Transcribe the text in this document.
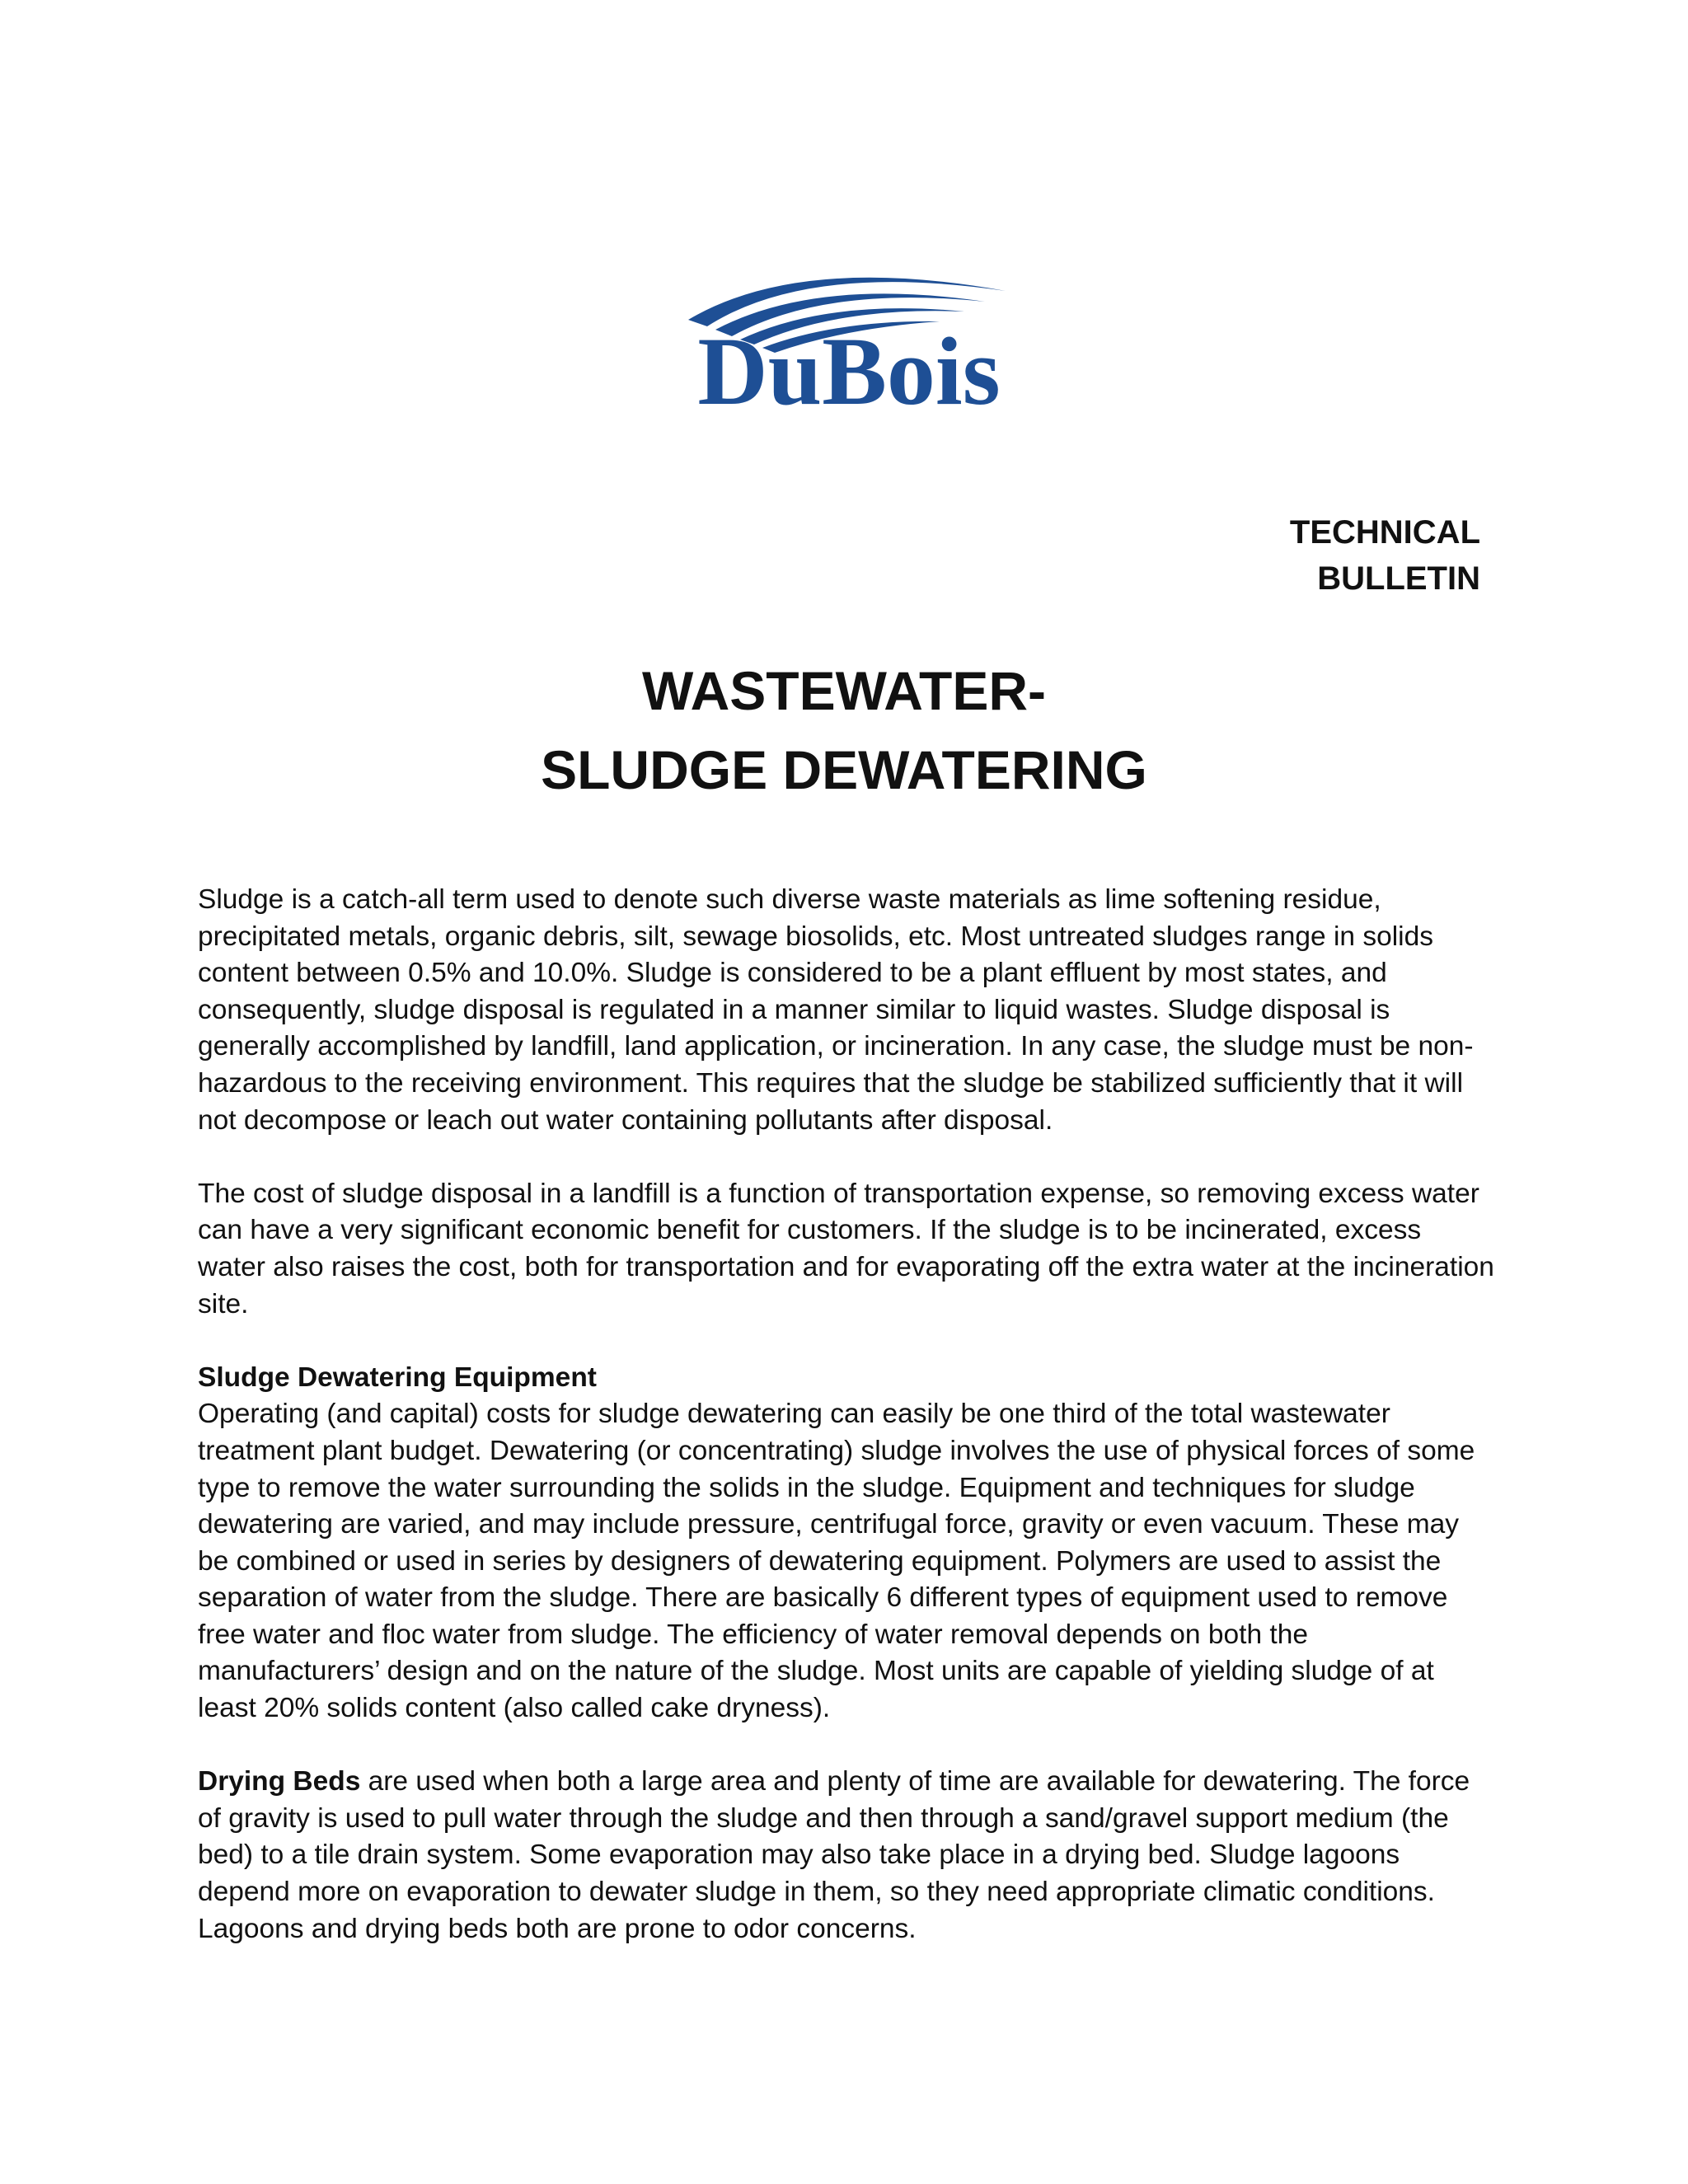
DuBois
TECHNICAL
BULLETIN
WASTEWATER-
SLUDGE DEWATERING

Sludge is a catch-all term used to denote such diverse waste materials as lime softening residue, precipitated metals, organic debris, silt, sewage biosolids, etc. Most untreated sludges range in solids content between 0.5% and 10.0%. Sludge is considered to be a plant effluent by most states, and consequently, sludge disposal is regulated in a manner similar to liquid wastes. Sludge disposal is generally accomplished by landfill, land application, or incineration. In any case, the sludge must be non-hazardous to the receiving environment. This requires that the sludge be stabilized sufficiently that it will not decompose or leach out water containing pollutants after disposal.

The cost of sludge disposal in a landfill is a function of transportation expense, so removing excess water can have a very significant economic benefit for customers. If the sludge is to be incinerated, excess water also raises the cost, both for transportation and for evaporating off the extra water at the incineration site.

Sludge Dewatering Equipment

Operating (and capital) costs for sludge dewatering can easily be one third of the total wastewater treatment plant budget. Dewatering (or concentrating) sludge involves the use of physical forces of some type to remove the water surrounding the solids in the sludge. Equipment and techniques for sludge dewatering are varied, and may include pressure, centrifugal force, gravity or even vacuum. These may be combined or used in series by designers of dewatering equipment. Polymers are used to assist the separation of water from the sludge. There are basically 6 different types of equipment used to remove free water and floc water from sludge. The efficiency of water removal depends on both the manufacturers’ design and on the nature of the sludge. Most units are capable of yielding sludge of at least 20% solids content (also called cake dryness).

Drying Beds are used when both a large area and plenty of time are available for dewatering. The force of gravity is used to pull water through the sludge and then through a sand/gravel support medium (the bed) to a tile drain system. Some evaporation may also take place in a drying bed. Sludge lagoons depend more on evaporation to dewater sludge in them, so they need appropriate climatic conditions. Lagoons and drying beds both are prone to odor concerns.
